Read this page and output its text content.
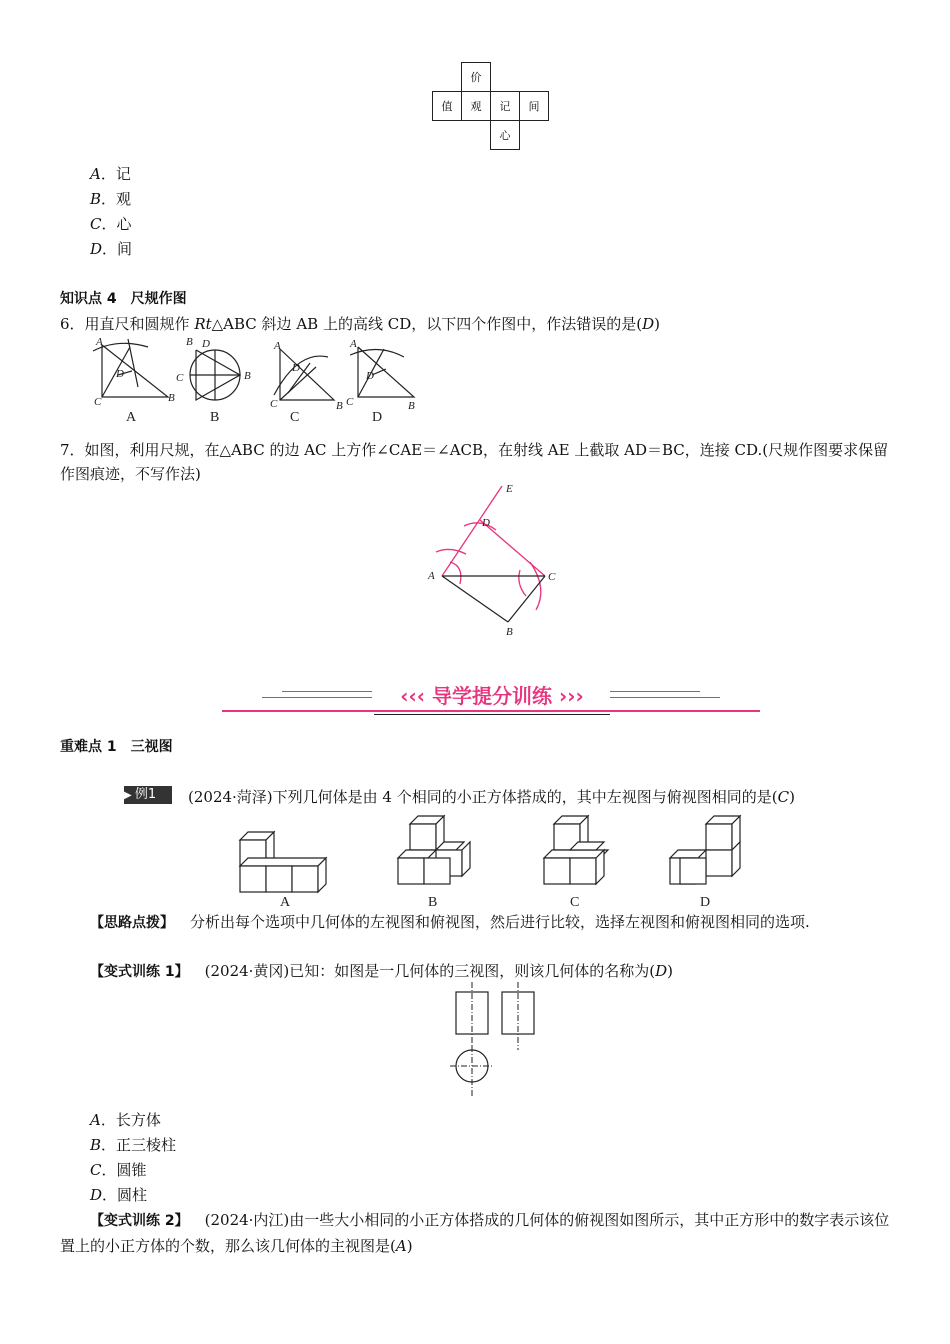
	价		
值	观	记	间
		心	
A．记
B．观
C．心
D．间
知识点 4　尺规作图
6．用直尺和圆规作 Rt△ABC 斜边 AB 上的高线 CD，以下四个作图中，作法错误的是(D)
A
D
C	B
B D
C	B
A
D
C	B
A
D
C	B
A	B	C	D
7．如图，利用尺规，在△ABC 的边 AC 上方作∠CAE＝∠ACB，在射线 AE 上截取 AD＝BC，连接 CD.(尺规作图要求保留作图痕迹，不写作法)
E
D
A	C
B
‹‹‹ 导学提分训练 ›››
重难点 1　三视图
▶ 例1	(2024·菏泽)下列几何体是由 4 个相同的小正方体搭成的，其中左视图与俯视图相同的是(C)
A	B	C	D
【思路点拨】 分析出每个选项中几何体的左视图和俯视图，然后进行比较，选择左视图和俯视图相同的选项.
【变式训练 1】 (2024·黄冈)已知：如图是一几何体的三视图，则该几何体的名称为(D)
A．长方体
B．正三棱柱
C．圆锥
D．圆柱
【变式训练 2】 (2024·内江)由一些大小相同的小正方体搭成的几何体的俯视图如图所示，其中正方形中的数字表示该位置上的小正方体的个数，那么该几何体的主视图是(A)
